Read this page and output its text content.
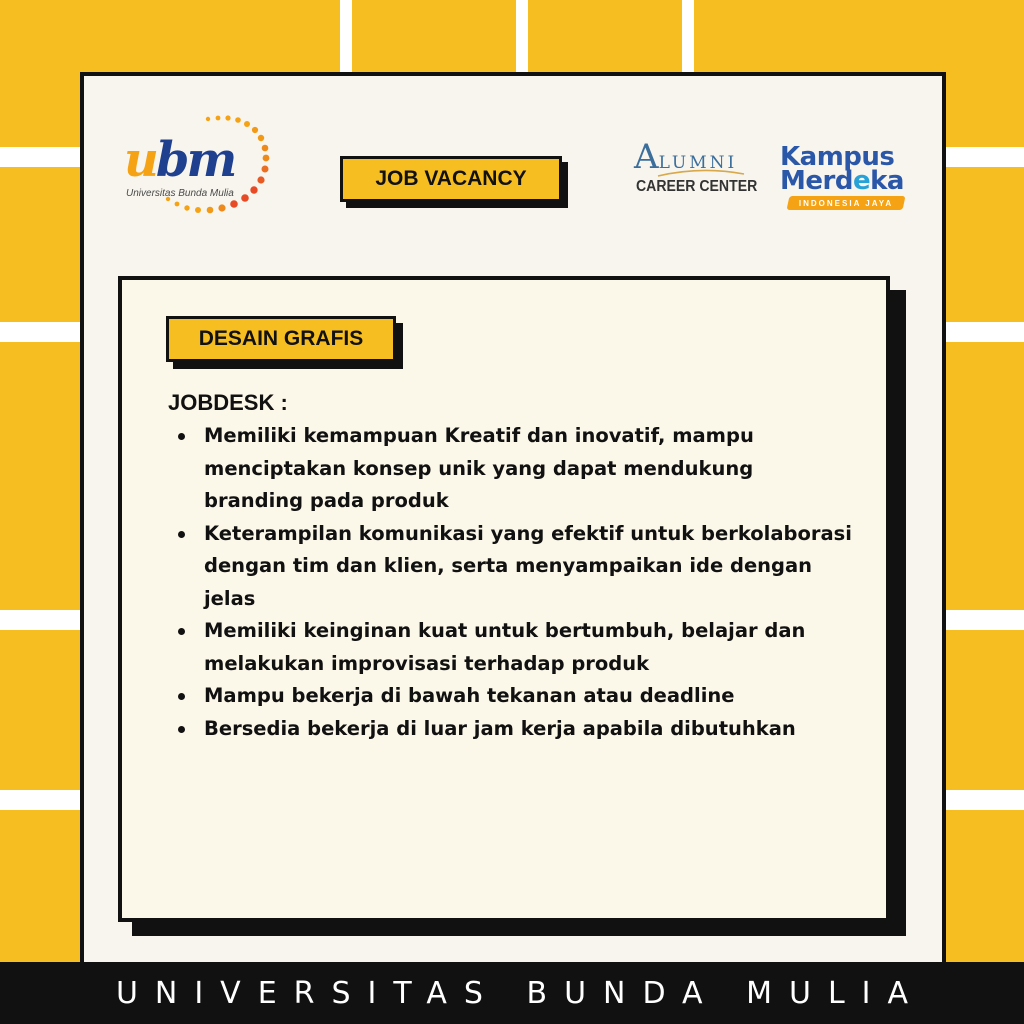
ubm
Universitas Bunda Mulia
JOB VACANCY
ALUMNI
CAREER CENTER
Kampus
Merdeka
INDONESIA JAYA
DESAIN GRAFIS
JOBDESK :
Memiliki kemampuan Kreatif dan inovatif, mampu menciptakan konsep unik yang dapat mendukung branding pada produk
Keterampilan komunikasi yang efektif untuk berkolaborasi dengan tim dan klien, serta menyampaikan ide dengan jelas
Memiliki keinginan kuat untuk bertumbuh, belajar dan melakukan improvisasi terhadap produk
Mampu bekerja di bawah tekanan atau deadline
Bersedia bekerja di luar jam kerja apabila dibutuhkan
UNIVERSITAS BUNDA MULIA
